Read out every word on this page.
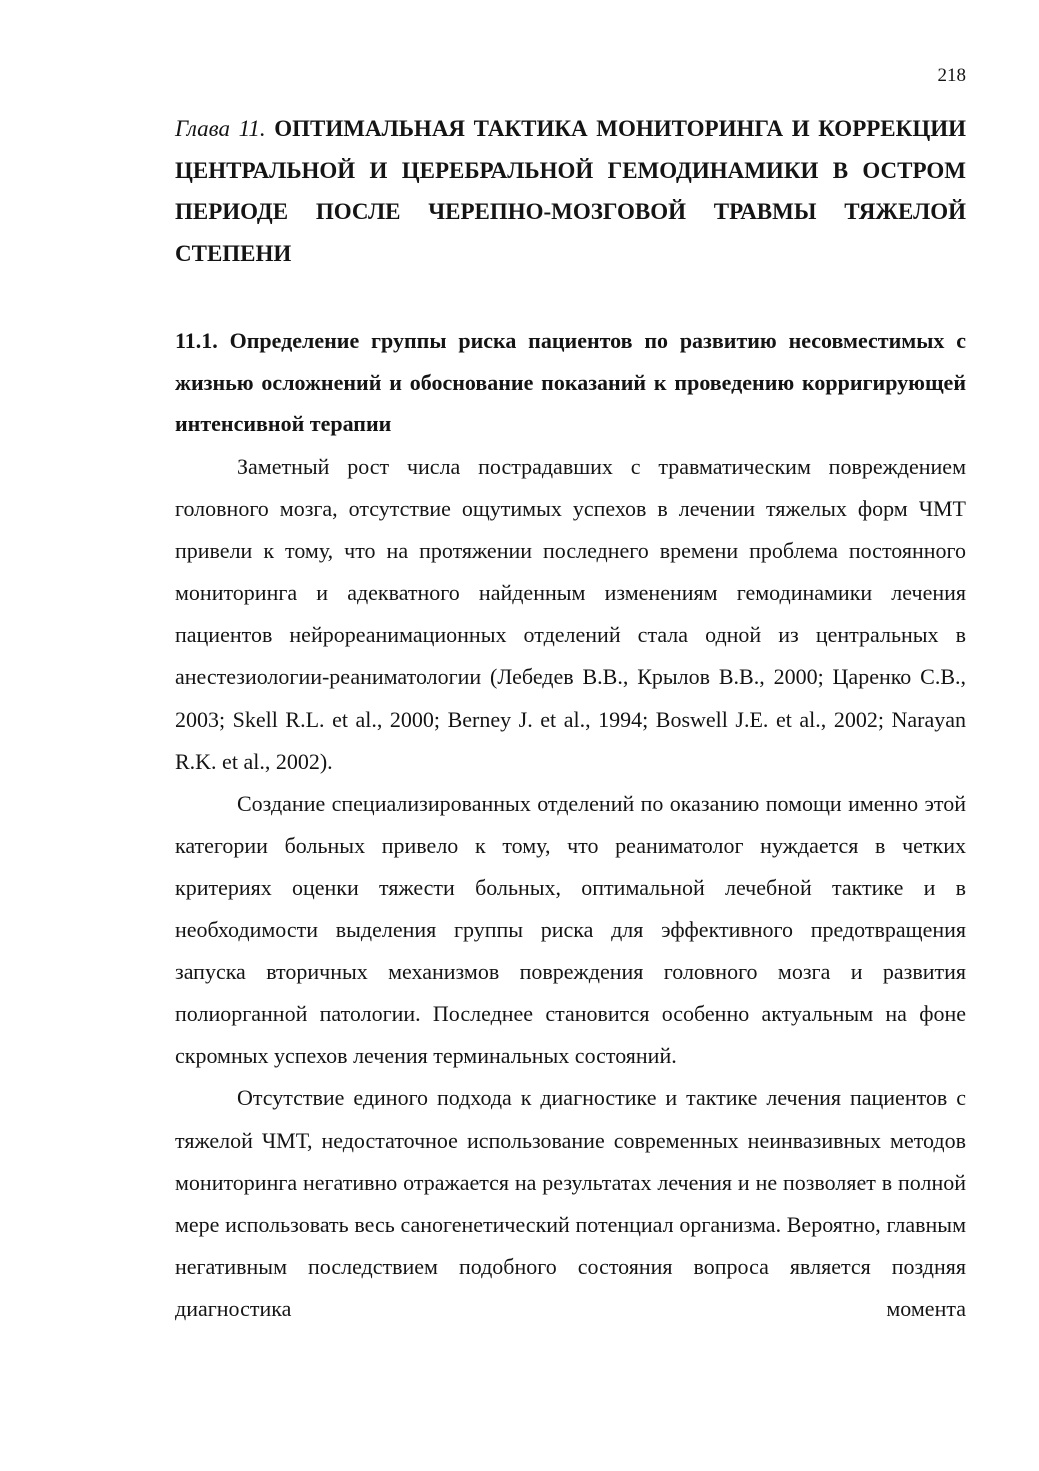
218
Глава 11. ОПТИМАЛЬНАЯ ТАКТИКА МОНИТОРИНГА И КОРРЕКЦИИ ЦЕНТРАЛЬНОЙ И ЦЕРЕБРАЛЬНОЙ ГЕМОДИНАМИКИ В ОСТРОМ ПЕРИОДЕ ПОСЛЕ ЧЕРЕПНО-МОЗГОВОЙ ТРАВМЫ ТЯЖЕЛОЙ СТЕПЕНИ
11.1. Определение группы риска пациентов по развитию несовместимых с жизнью осложнений и обоснование показаний к проведению корригирующей интенсивной терапии

Заметный рост числа пострадавших с травматическим повреждением головного мозга, отсутствие ощутимых успехов в лечении тяжелых форм ЧМТ привели к тому, что на протяжении последнего времени проблема постоянного мониторинга и адекватного найденным изменениям гемодинамики лечения пациентов нейрореанимационных отделений стала одной из центральных в анестезиологии-реаниматологии (Лебедев В.В., Крылов В.В., 2000; Царенко С.В., 2003; Skell R.L. et al., 2000; Berney J. et al., 1994; Boswell J.E. et al., 2002; Narayan R.K. et al., 2002).

Создание специализированных отделений по оказанию помощи именно этой категории больных привело к тому, что реаниматолог нуждается в четких критериях оценки тяжести больных, оптимальной лечебной тактике и в необходимости выделения группы риска для эффективного предотвращения запуска вторичных механизмов повреждения головного мозга и развития полиорганной патологии. Последнее становится особенно актуальным на фоне скромных успехов лечения терминальных состояний.

Отсутствие единого подхода к диагностике и тактике лечения пациентов с тяжелой ЧМТ, недостаточное использование современных неинвазивных методов мониторинга негативно отражается на результатах лечения и не позволяет в полной мере использовать весь саногенетический потенциал организма. Вероятно, главным негативным последствием подобного состояния вопроса является поздняя диагностика момента
